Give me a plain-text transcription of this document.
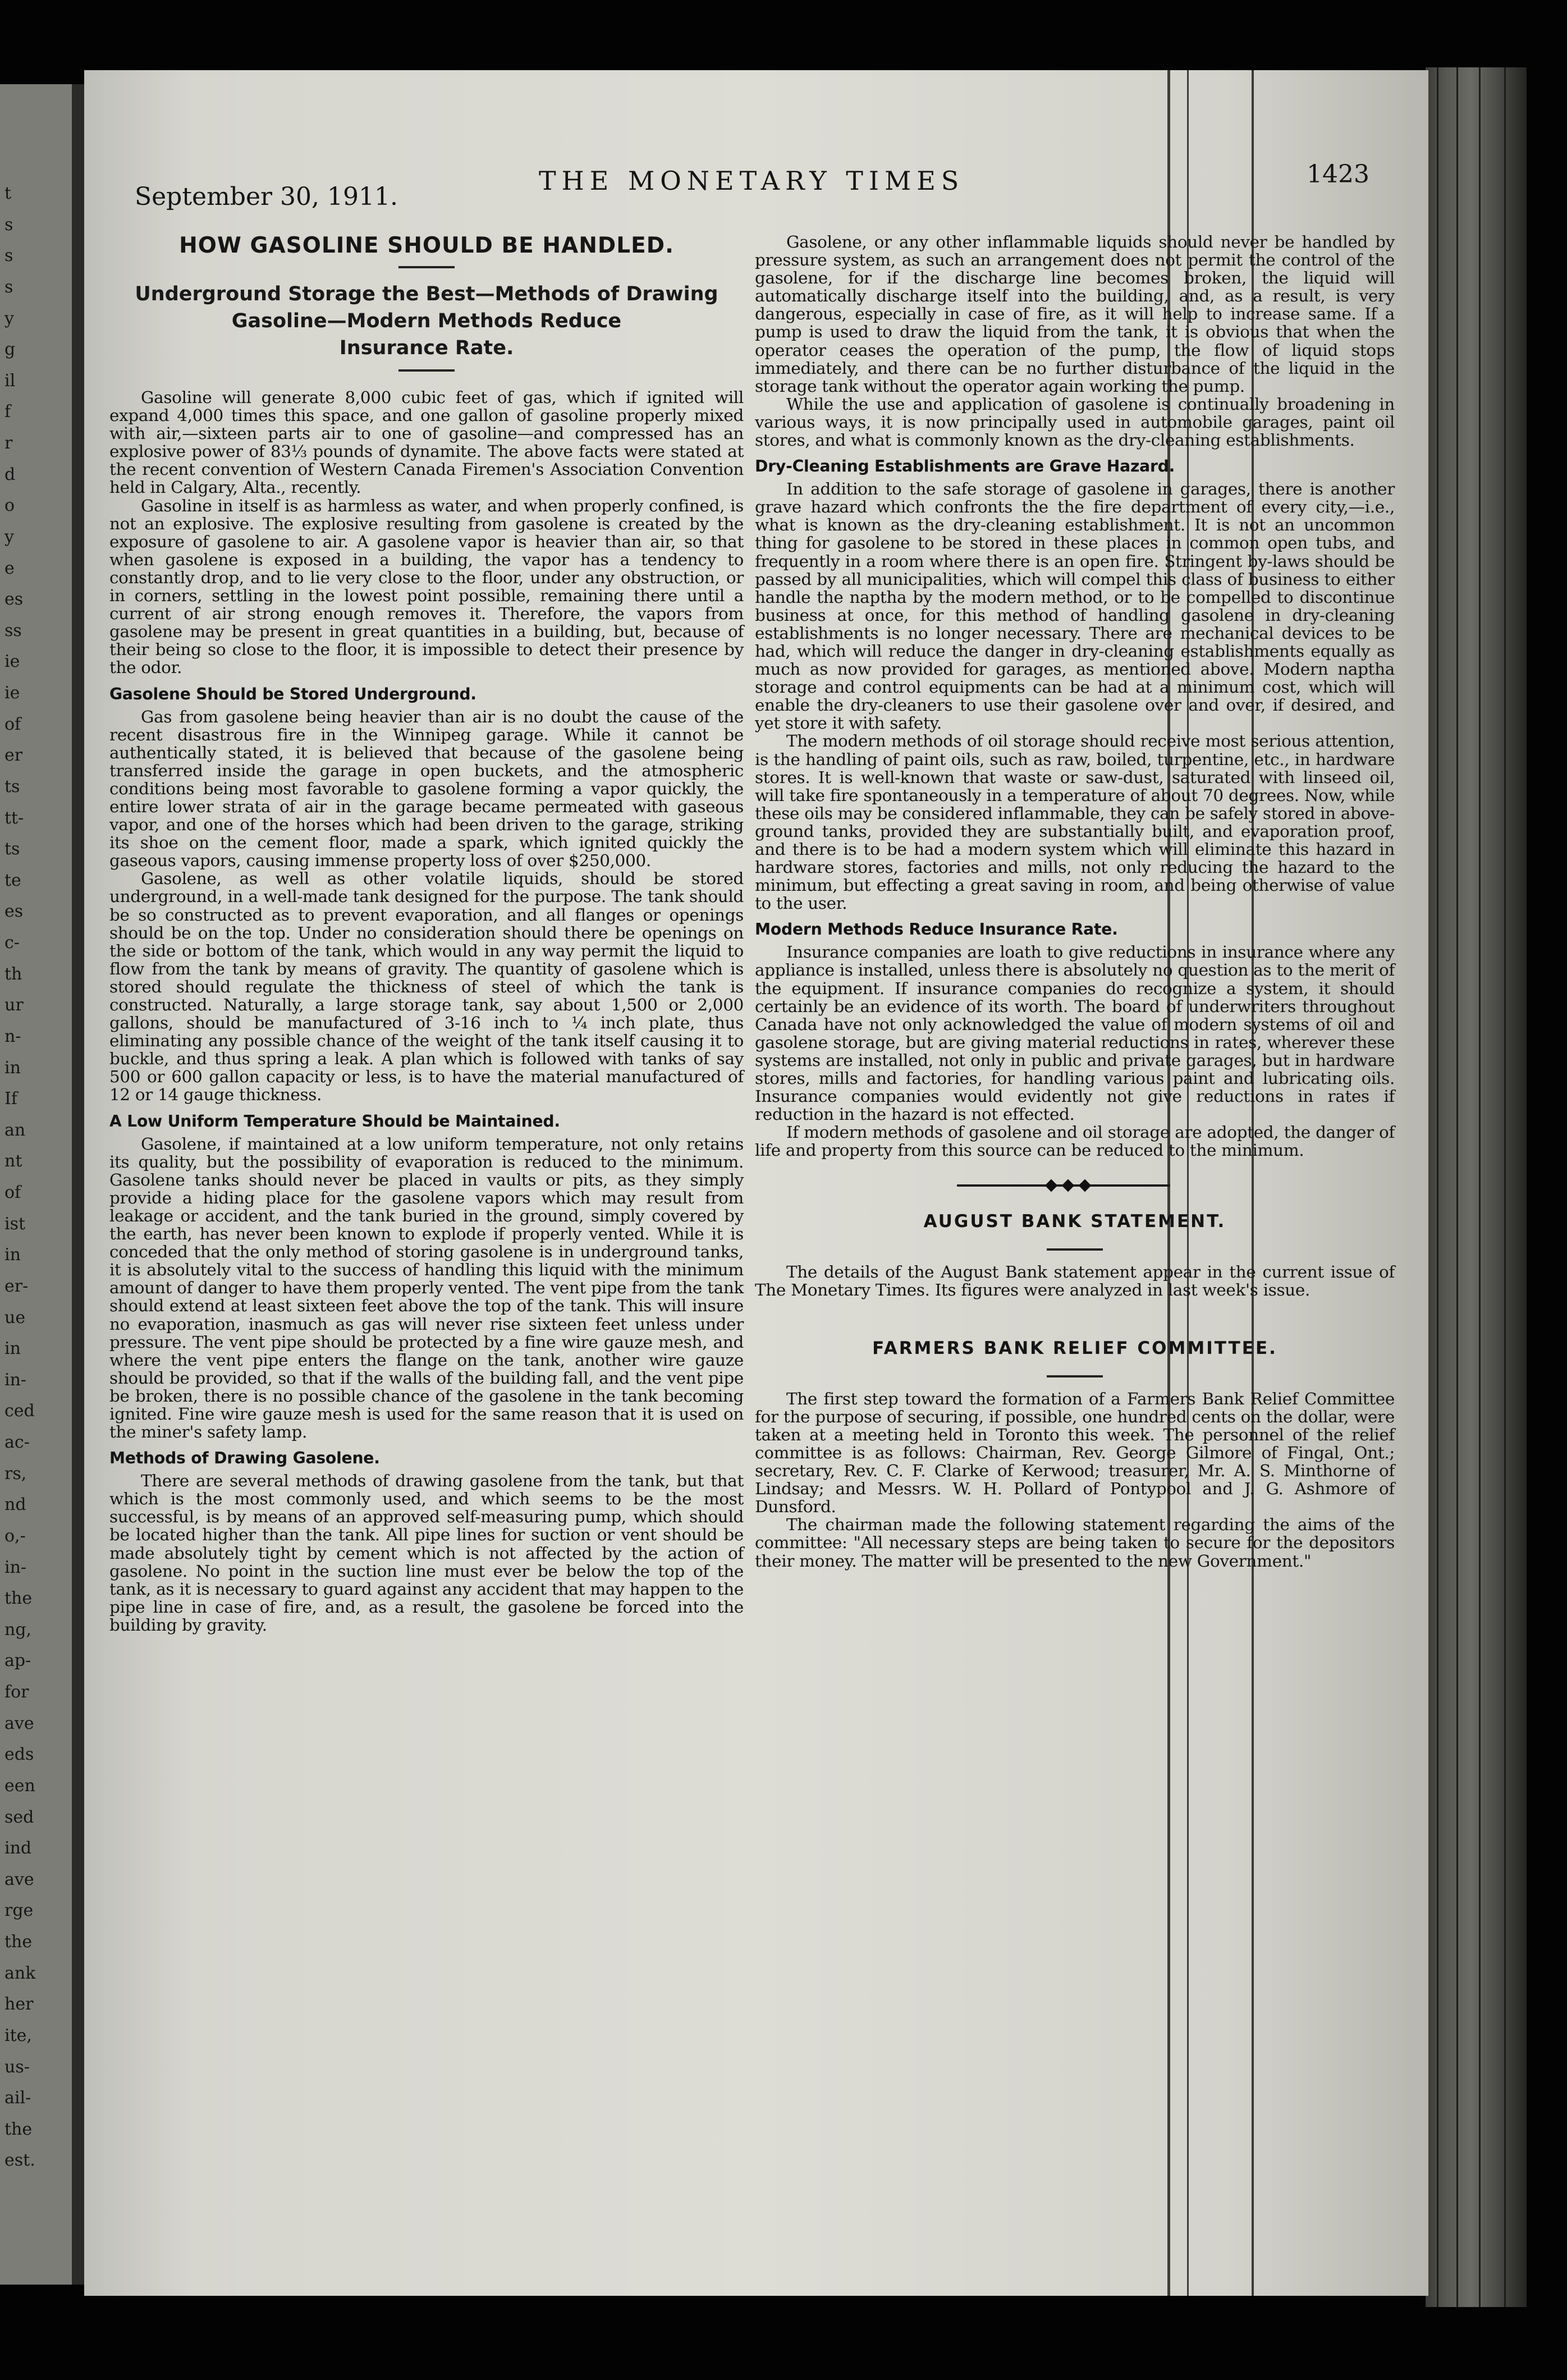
t
s
s
s
y
g
il
f
r
d
o
y
e
es
ss
ie
ie
of
er
ts
tt-
ts
te
es
c-
th
ur
n-
in
If
an
nt
of
ist
in
er-
ue
in
in-
ced
ac-
rs,
nd
o,-
in-
the
ng,
ap-
for
ave
eds
een
sed
ind
ave
rge
the
ank
her
ite,
us-
ail-
the
est.
September 30, 1911.
THE MONETARY TIMES	1423
HOW GASOLINE SHOULD BE HANDLED.
Underground Storage the Best—Methods of Drawing
Gasoline—Modern Methods Reduce
Insurance Rate.

Gasoline will generate 8,000 cubic feet of gas, which if ignited will expand 4,000 times this space, and one gallon of gasoline properly mixed with air,—sixteen parts air to one of gasoline—and compressed has an explosive power of 83⅓ pounds of dynamite. The above facts were stated at the recent convention of Western Canada Firemen's Association Convention held in Calgary, Alta., recently.

Gasoline in itself is as harmless as water, and when properly confined, is not an explosive. The explosive resulting from gasolene is created by the exposure of gasolene to air. A gasolene vapor is heavier than air, so that when gasolene is exposed in a building, the vapor has a tendency to constantly drop, and to lie very close to the floor, under any obstruction, or in corners, settling in the lowest point possible, remaining there until a current of air strong enough removes it. Therefore, the vapors from gasolene may be present in great quantities in a building, but, because of their being so close to the floor, it is impossible to detect their presence by the odor.

Gasolene Should be Stored Underground.

Gas from gasolene being heavier than air is no doubt the cause of the recent disastrous fire in the Winnipeg garage. While it cannot be authentically stated, it is believed that because of the gasolene being transferred inside the garage in open buckets, and the atmospheric conditions being most favorable to gasolene forming a vapor quickly, the entire lower strata of air in the garage became permeated with gaseous vapor, and one of the horses which had been driven to the garage, striking its shoe on the cement floor, made a spark, which ignited quickly the gaseous vapors, causing immense property loss of over $250,000.

Gasolene, as well as other volatile liquids, should be stored underground, in a well-made tank designed for the purpose. The tank should be so constructed as to prevent evaporation, and all flanges or openings should be on the top. Under no consideration should there be openings on the side or bottom of the tank, which would in any way permit the liquid to flow from the tank by means of gravity. The quantity of gasolene which is stored should regulate the thickness of steel of which the tank is constructed. Naturally, a large storage tank, say about 1,500 or 2,000 gallons, should be manufactured of 3-16 inch to ¼ inch plate, thus eliminating any possible chance of the weight of the tank itself causing it to buckle, and thus spring a leak. A plan which is followed with tanks of say 500 or 600 gallon capacity or less, is to have the material manufactured of 12 or 14 gauge thickness.

A Low Uniform Temperature Should be Maintained.

Gasolene, if maintained at a low uniform temperature, not only retains its quality, but the possibility of evaporation is reduced to the minimum. Gasolene tanks should never be placed in vaults or pits, as they simply provide a hiding place for the gasolene vapors which may result from leakage or accident, and the tank buried in the ground, simply covered by the earth, has never been known to explode if properly vented. While it is conceded that the only method of storing gasolene is in underground tanks, it is absolutely vital to the success of handling this liquid with the minimum amount of danger to have them properly vented. The vent pipe from the tank should extend at least sixteen feet above the top of the tank. This will insure no evaporation, inasmuch as gas will never rise sixteen feet unless under pressure. The vent pipe should be protected by a fine wire gauze mesh, and where the vent pipe enters the flange on the tank, another wire gauze should be provided, so that if the walls of the building fall, and the vent pipe be broken, there is no possible chance of the gasolene in the tank becoming ignited. Fine wire gauze mesh is used for the same reason that it is used on the miner's safety lamp.

Methods of Drawing Gasolene.

There are several methods of drawing gasolene from the tank, but that which is the most commonly used, and which seems to be the most successful, is by means of an approved self-measuring pump, which should be located higher than the tank. All pipe lines for suction or vent should be made absolutely tight by cement which is not affected by the action of gasolene. No point in the suction line must ever be below the top of the tank, as it is necessary to guard against any accident that may happen to the pipe line in case of fire, and, as a result, the gasolene be forced into the building by gravity.

Gasolene, or any other inflammable liquids should never be handled by pressure system, as such an arrangement does not permit the control of the gasolene, for if the discharge line becomes broken, the liquid will automatically discharge itself into the building, and, as a result, is very dangerous, especially in case of fire, as it will help to increase same. If a pump is used to draw the liquid from the tank, it is obvious that when the operator ceases the operation of the pump, the flow of liquid stops immediately, and there can be no further disturbance of the liquid in the storage tank without the operator again working the pump.

While the use and application of gasolene is continually broadening in various ways, it is now principally used in automobile garages, paint oil stores, and what is commonly known as the dry-cleaning establishments.

Dry-Cleaning Establishments are Grave Hazard.

In addition to the safe storage of gasolene in garages, there is another grave hazard which confronts the the fire department of every city,—i.e., what is known as the dry-cleaning establishment. It is not an uncommon thing for gasolene to be stored in these places in common open tubs, and frequently in a room where there is an open fire. Stringent by-laws should be passed by all municipalities, which will compel this class of business to either handle the naptha by the modern method, or to be compelled to discontinue business at once, for this method of handling gasolene in dry-cleaning establishments is no longer necessary. There are mechanical devices to be had, which will reduce the danger in dry-cleaning establishments equally as much as now provided for garages, as mentioned above. Modern naptha storage and control equipments can be had at a minimum cost, which will enable the dry-cleaners to use their gasolene over and over, if desired, and yet store it with safety.

The modern methods of oil storage should receive most serious attention, is the handling of paint oils, such as raw, boiled, turpentine, etc., in hardware stores. It is well-known that waste or saw-dust, saturated with linseed oil, will take fire spontaneously in a temperature of about 70 degrees. Now, while these oils may be considered inflammable, they can be safely stored in above-ground tanks, provided they are substantially built, and evaporation proof, and there is to be had a modern system which will eliminate this hazard in hardware stores, factories and mills, not only reducing the hazard to the minimum, but effecting a great saving in room, and being otherwise of value to the user.

Modern Methods Reduce Insurance Rate.

Insurance companies are loath to give reductions in insurance where any appliance is installed, unless there is absolutely no question as to the merit of the equipment. If insurance companies do recognize a system, it should certainly be an evidence of its worth. The board of underwriters throughout Canada have not only acknowledged the value of modern systems of oil and gasolene storage, but are giving material reductions in rates, wherever these systems are installed, not only in public and private garages, but in hardware stores, mills and factories, for handling various paint and lubricating oils. Insurance companies would evidently not give reductions in rates if reduction in the hazard is not effected.

If modern methods of gasolene and oil storage are adopted, the danger of life and property from this source can be reduced to the minimum.

AUGUST BANK STATEMENT.

The details of the August Bank statement appear in the current issue of The Monetary Times. Its figures were analyzed in last week's issue.

FARMERS BANK RELIEF COMMITTEE.

The first step toward the formation of a Farmers Bank Relief Committee for the purpose of securing, if possible, one hundred cents on the dollar, were taken at a meeting held in Toronto this week. The personnel of the relief committee is as follows: Chairman, Rev. George Gilmore of Fingal, Ont.; secretary, Rev. C. F. Clarke of Kerwood; treasurer, Mr. A. S. Minthorne of Lindsay; and Messrs. W. H. Pollard of Pontypool and J. G. Ashmore of Dunsford.

The chairman made the following statement regarding the aims of the committee: "All necessary steps are being taken to secure for the depositors their money. The matter will be presented to the new Government."
